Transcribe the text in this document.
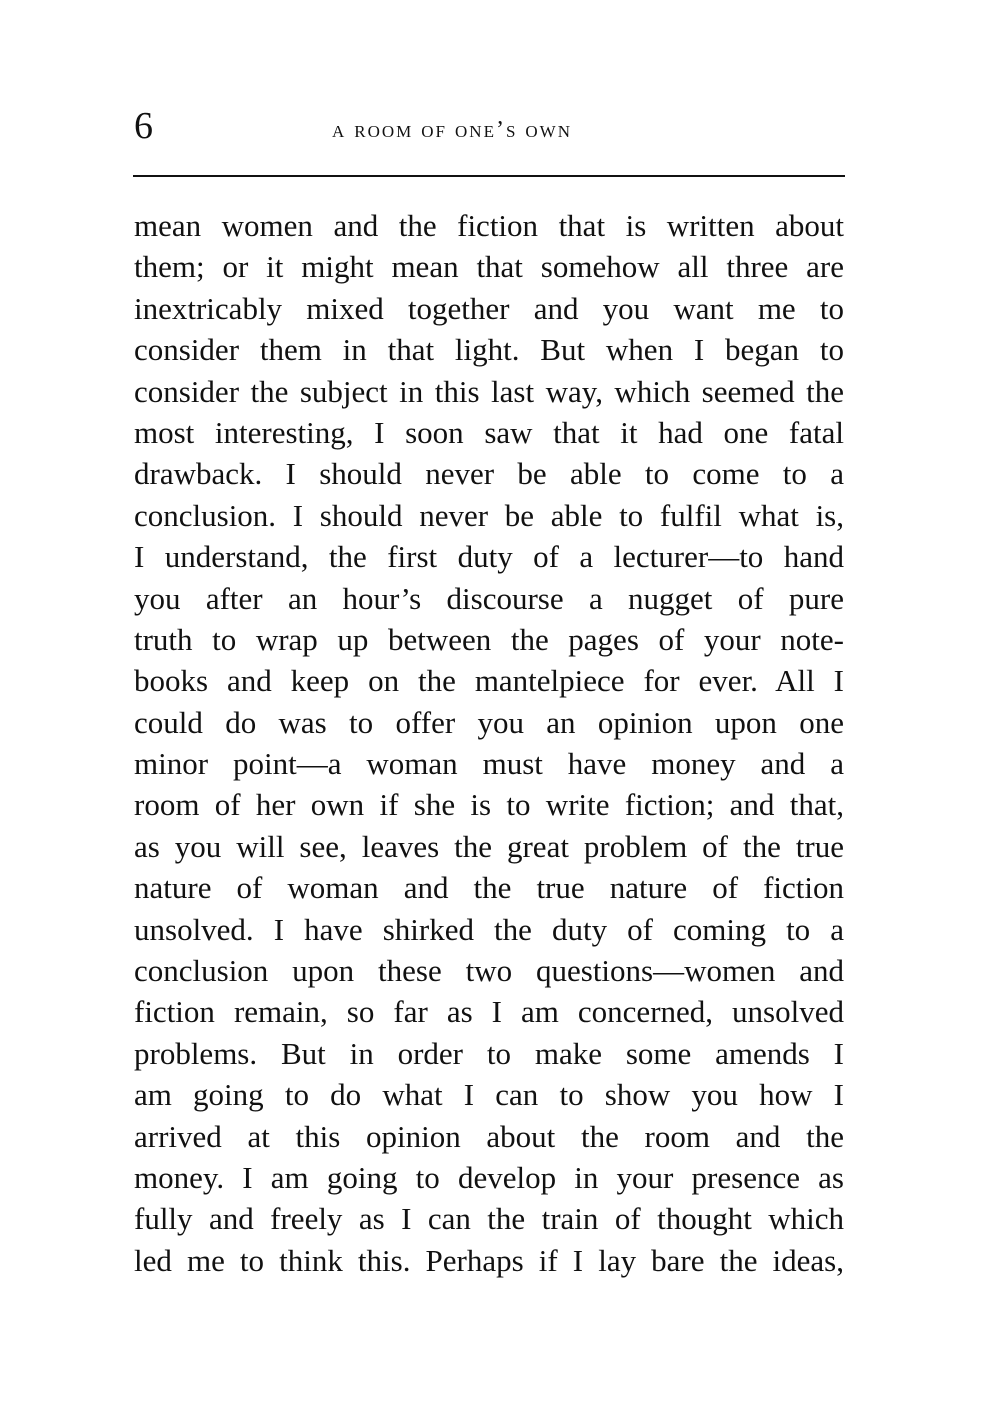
6	a room of one’s own
mean women and the fiction that is written about
them; or it might mean that somehow all three are
inextricably mixed together and you want me to
consider them in that light. But when I began to
consider the subject in this last way, which seemed the
most interesting, I soon saw that it had one fatal
drawback. I should never be able to come to a
conclusion. I should never be able to fulfil what is,
I understand, the first duty of a lecturer—to hand
you after an hour’s discourse a nugget of pure
truth to wrap up between the pages of your note-
books and keep on the mantelpiece for ever. All I
could do was to offer you an opinion upon one
minor point—a woman must have money and a
room of her own if she is to write fiction; and that,
as you will see, leaves the great problem of the true
nature of woman and the true nature of fiction
unsolved. I have shirked the duty of coming to a
conclusion upon these two questions—women and
fiction remain, so far as I am concerned, unsolved
problems. But in order to make some amends I
am going to do what I can to show you how I
arrived at this opinion about the room and the
money. I am going to develop in your presence as
fully and freely as I can the train of thought which
led me to think this. Perhaps if I lay bare the ideas,
